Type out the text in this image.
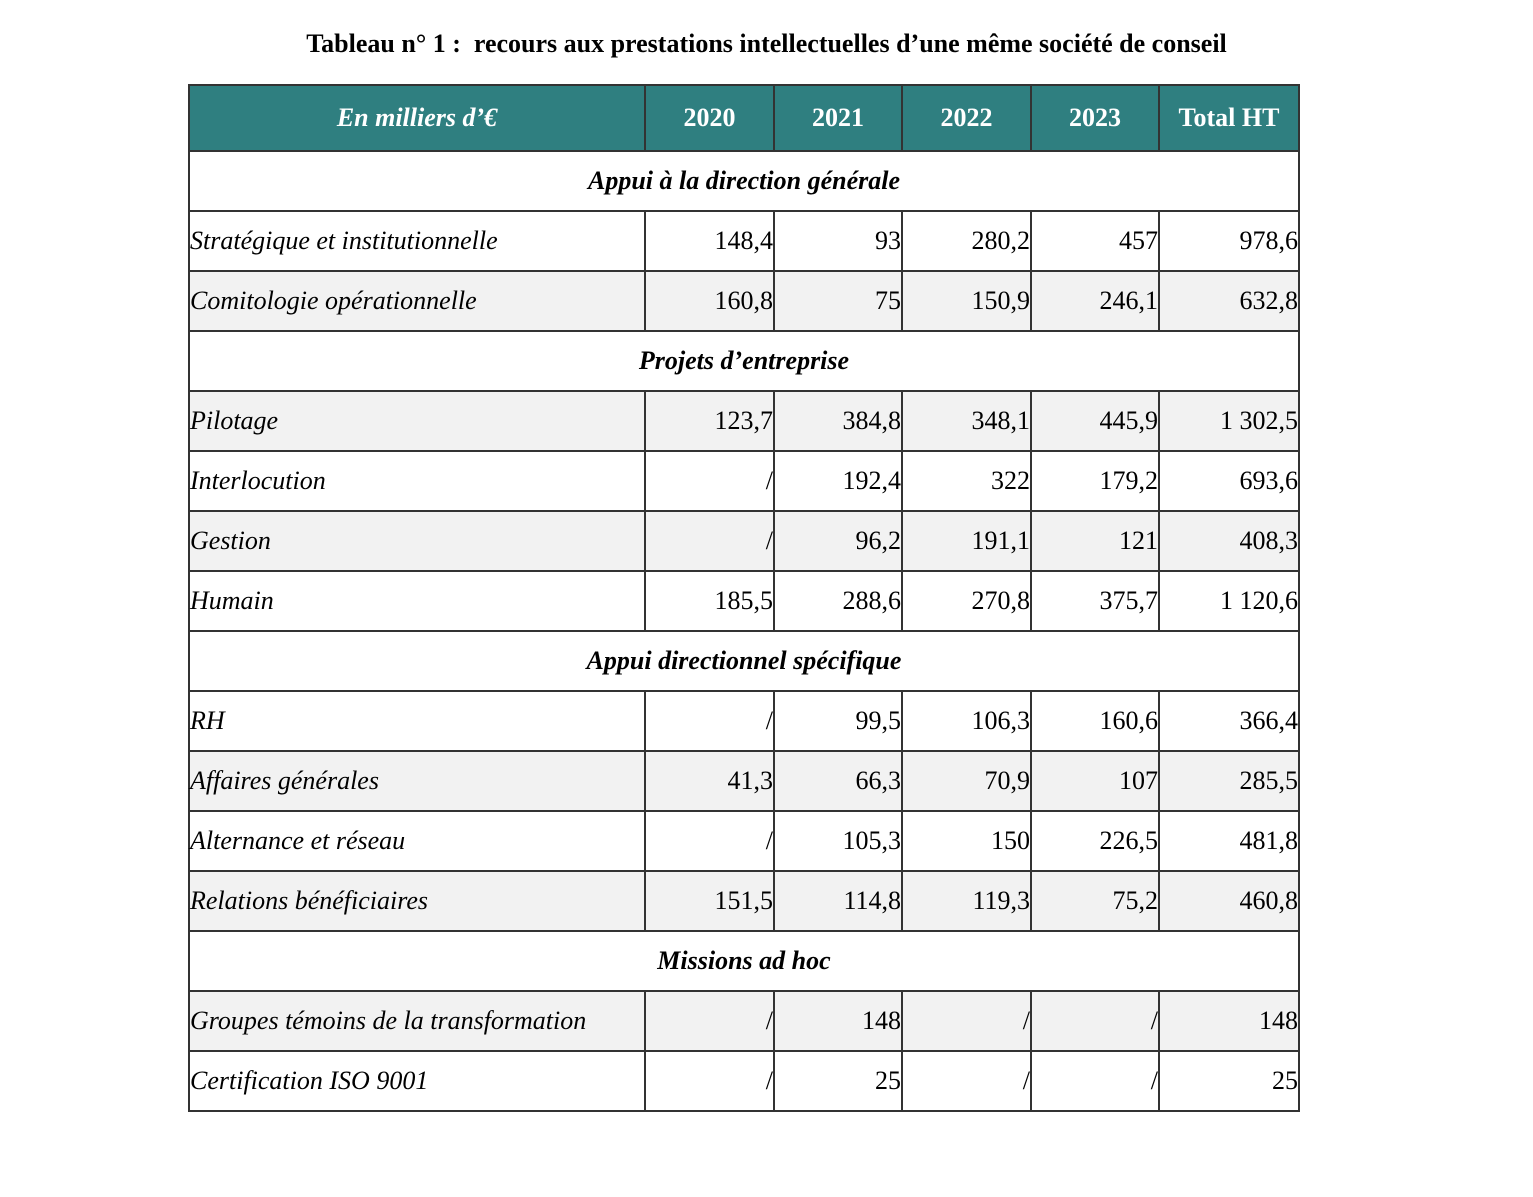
Tableau n° 1 :  recours aux prestations intellectuelles d’une même société de conseil
En milliers d’€	2020	2021	2022	2023	Total HT
Appui à la direction générale					
Stratégique et institutionnelle	148,4	93	280,2	457	978,6
Comitologie opérationnelle	160,8	75	150,9	246,1	632,8
Projets d’entreprise					
Pilotage	123,7	384,8	348,1	445,9	1 302,5
Interlocution	/	192,4	322	179,2	693,6
Gestion	/	96,2	191,1	121	408,3
Humain	185,5	288,6	270,8	375,7	1 120,6
Appui directionnel spécifique					
RH	/	99,5	106,3	160,6	366,4
Affaires générales	41,3	66,3	70,9	107	285,5
Alternance et réseau	/	105,3	150	226,5	481,8
Relations bénéficiaires	151,5	114,8	119,3	75,2	460,8
Missions ad hoc					
Groupes témoins de la transformation	/	148	/	/	148
Certification ISO 9001	/	25	/	/	25
